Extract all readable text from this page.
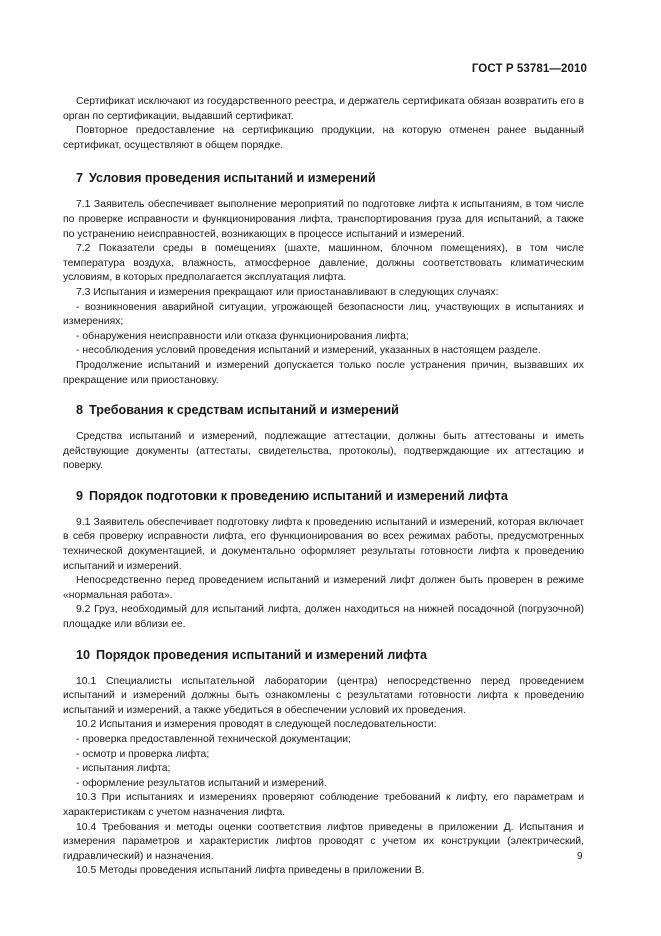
ГОСТ Р 53781—2010

Сертификат исключают из государственного реестра, и держатель сертификата обязан возвратить его в орган по сертификации, выдавший сертификат.

Повторное предоставление на сертификацию продукции, на которую отменен ранее выданный сертификат, осуществляют в общем порядке.

7 Условия проведения испытаний и измерений

7.1 Заявитель обеспечивает выполнение мероприятий по подготовке лифта к испытаниям, в том числе по проверке исправности и функционирования лифта, транспортирования груза для испытаний, а также по устранению неисправностей, возникающих в процессе испытаний и измерений.

7.2 Показатели среды в помещениях (шахте, машинном, блочном помещениях), в том числе температура воздуха, влажность, атмосферное давление, должны соответствовать климатическим условиям, в которых предполагается эксплуатация лифта.

7.3 Испытания и измерения прекращают или приостанавливают в следующих случаях:

- возникновения аварийной ситуации, угрожающей безопасности лиц, участвующих в испытаниях и измерениях;

- обнаружения неисправности или отказа функционирования лифта;

- несоблюдения условий проведения испытаний и измерений, указанных в настоящем разделе.

Продолжение испытаний и измерений допускается только после устранения причин, вызвавших их прекращение или приостановку.

8 Требования к средствам испытаний и измерений

Средства испытаний и измерений, подлежащие аттестации, должны быть аттестованы и иметь действующие документы (аттестаты, свидетельства, протоколы), подтверждающие их аттестацию и поверку.

9 Порядок подготовки к проведению испытаний и измерений лифта

9.1 Заявитель обеспечивает подготовку лифта к проведению испытаний и измерений, которая включает в себя проверку исправности лифта, его функционирования во всех режимах работы, предусмотренных технической документацией, и документально оформляет результаты готовности лифта к проведению испытаний и измерений.

Непосредственно перед проведением испытаний и измерений лифт должен быть проверен в режиме «нормальная работа».

9.2 Груз, необходимый для испытаний лифта, должен находиться на нижней посадочной (погрузочной) площадке или вблизи ее.

10 Порядок проведения испытаний и измерений лифта

10.1 Специалисты испытательной лаборатории (центра) непосредственно перед проведением испытаний и измерений должны быть ознакомлены с результатами готовности лифта к проведению испытаний и измерений, а также убедиться в обеспечении условий их проведения.

10.2 Испытания и измерения проводят в следующей последовательности:

- проверка предоставленной технической документации;

- осмотр и проверка лифта;

- испытания лифта;

- оформление результатов испытаний и измерений.

10.3 При испытаниях и измерениях проверяют соблюдение требований к лифту, его параметрам и характеристикам с учетом назначения лифта.

10.4 Требования и методы оценки соответствия лифтов приведены в приложении Д. Испытания и измерения параметров и характеристик лифтов проводят с учетом их конструкции (электрический, гидравлический) и назначения.

10.5 Методы проведения испытаний лифта приведены в приложении В.

9
